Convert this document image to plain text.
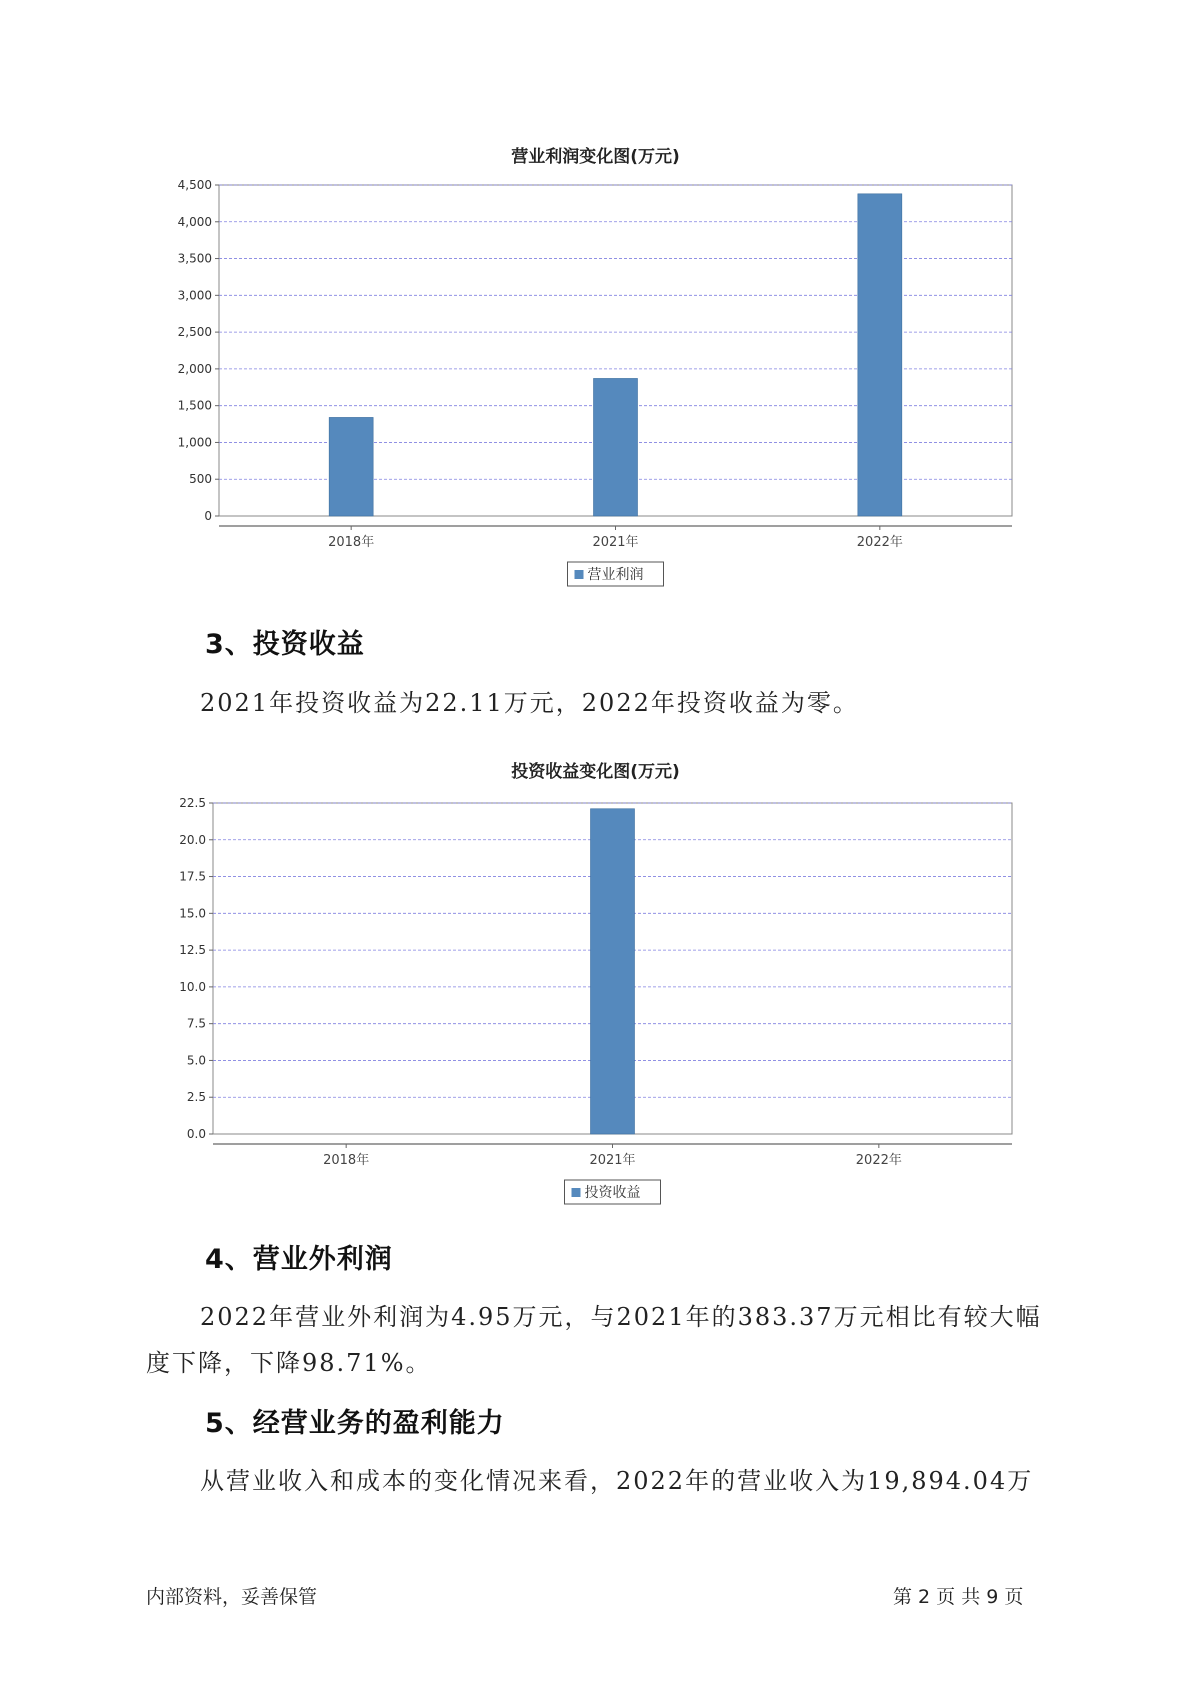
营业利润变化图(万元)
0
500
1,000
1,500
2,000
2,500
3,000
3,500
4,000
4,500
2018年	2021年	2022年
营业利润
3、投资收益
2021年投资收益为22.11万元，2022年投资收益为零。
投资收益变化图(万元)
0.0
2.5
5.0
7.5
10.0
12.5
15.0
17.5
20.0
22.5
2018年	2021年	2022年
投资收益
4、营业外利润
2022年营业外利润为4.95万元，与2021年的383.37万元相比有较大幅
度下降，下降98.71%。
5、经营业务的盈利能力
从营业收入和成本的变化情况来看，2022年的营业收入为19,894.04万
内部资料，妥善保管	第 2 页 共 9 页
